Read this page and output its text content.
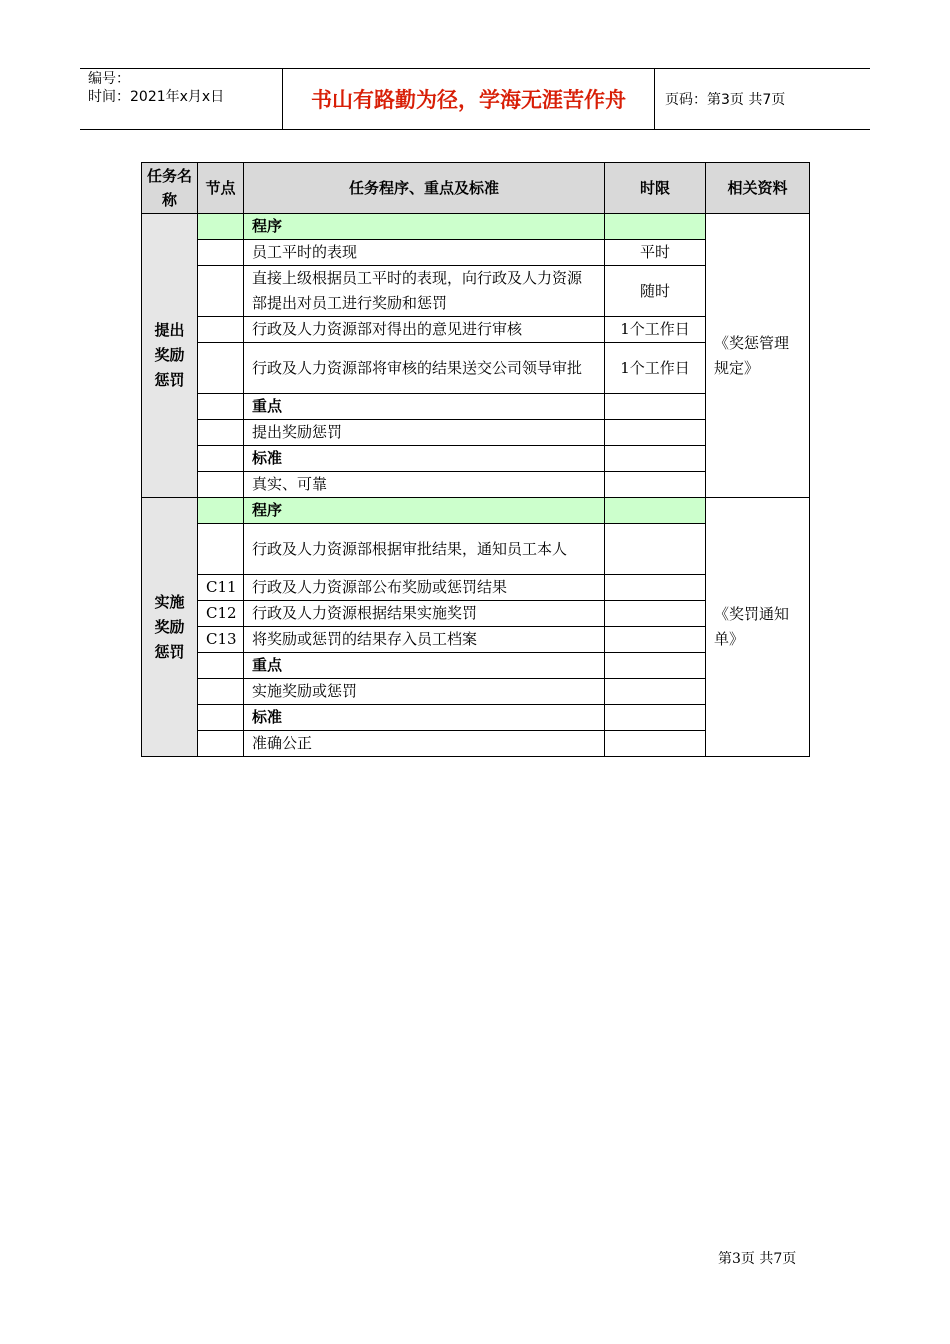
编号：
时间：2021年x月x日	书山有路勤为径，学海无涯苦作舟	页码：第3页 共7页
任务名称	节点	任务程序、重点及标准	时限	相关资料
提出奖励惩罚		程序		《奖惩管理规定》
		员工平时的表现	平时	
		直接上级根据员工平时的表现，向行政及人力资源部提出对员工进行奖励和惩罚	随时	
		行政及人力资源部对得出的意见进行审核	1个工作日	
		行政及人力资源部将审核的结果送交公司领导审批	1个工作日	
		重点		
		提出奖励惩罚		
		标准		
		真实、可靠		
实施奖励惩罚		程序		《奖罚通知单》
		行政及人力资源部根据审批结果，通知员工本人		
	C11	行政及人力资源部公布奖励或惩罚结果		
	C12	行政及人力资源根据结果实施奖罚		
	C13	将奖励或惩罚的结果存入员工档案		
		重点		
		实施奖励或惩罚		
		标准		
		准确公正		
第3页 共7页
